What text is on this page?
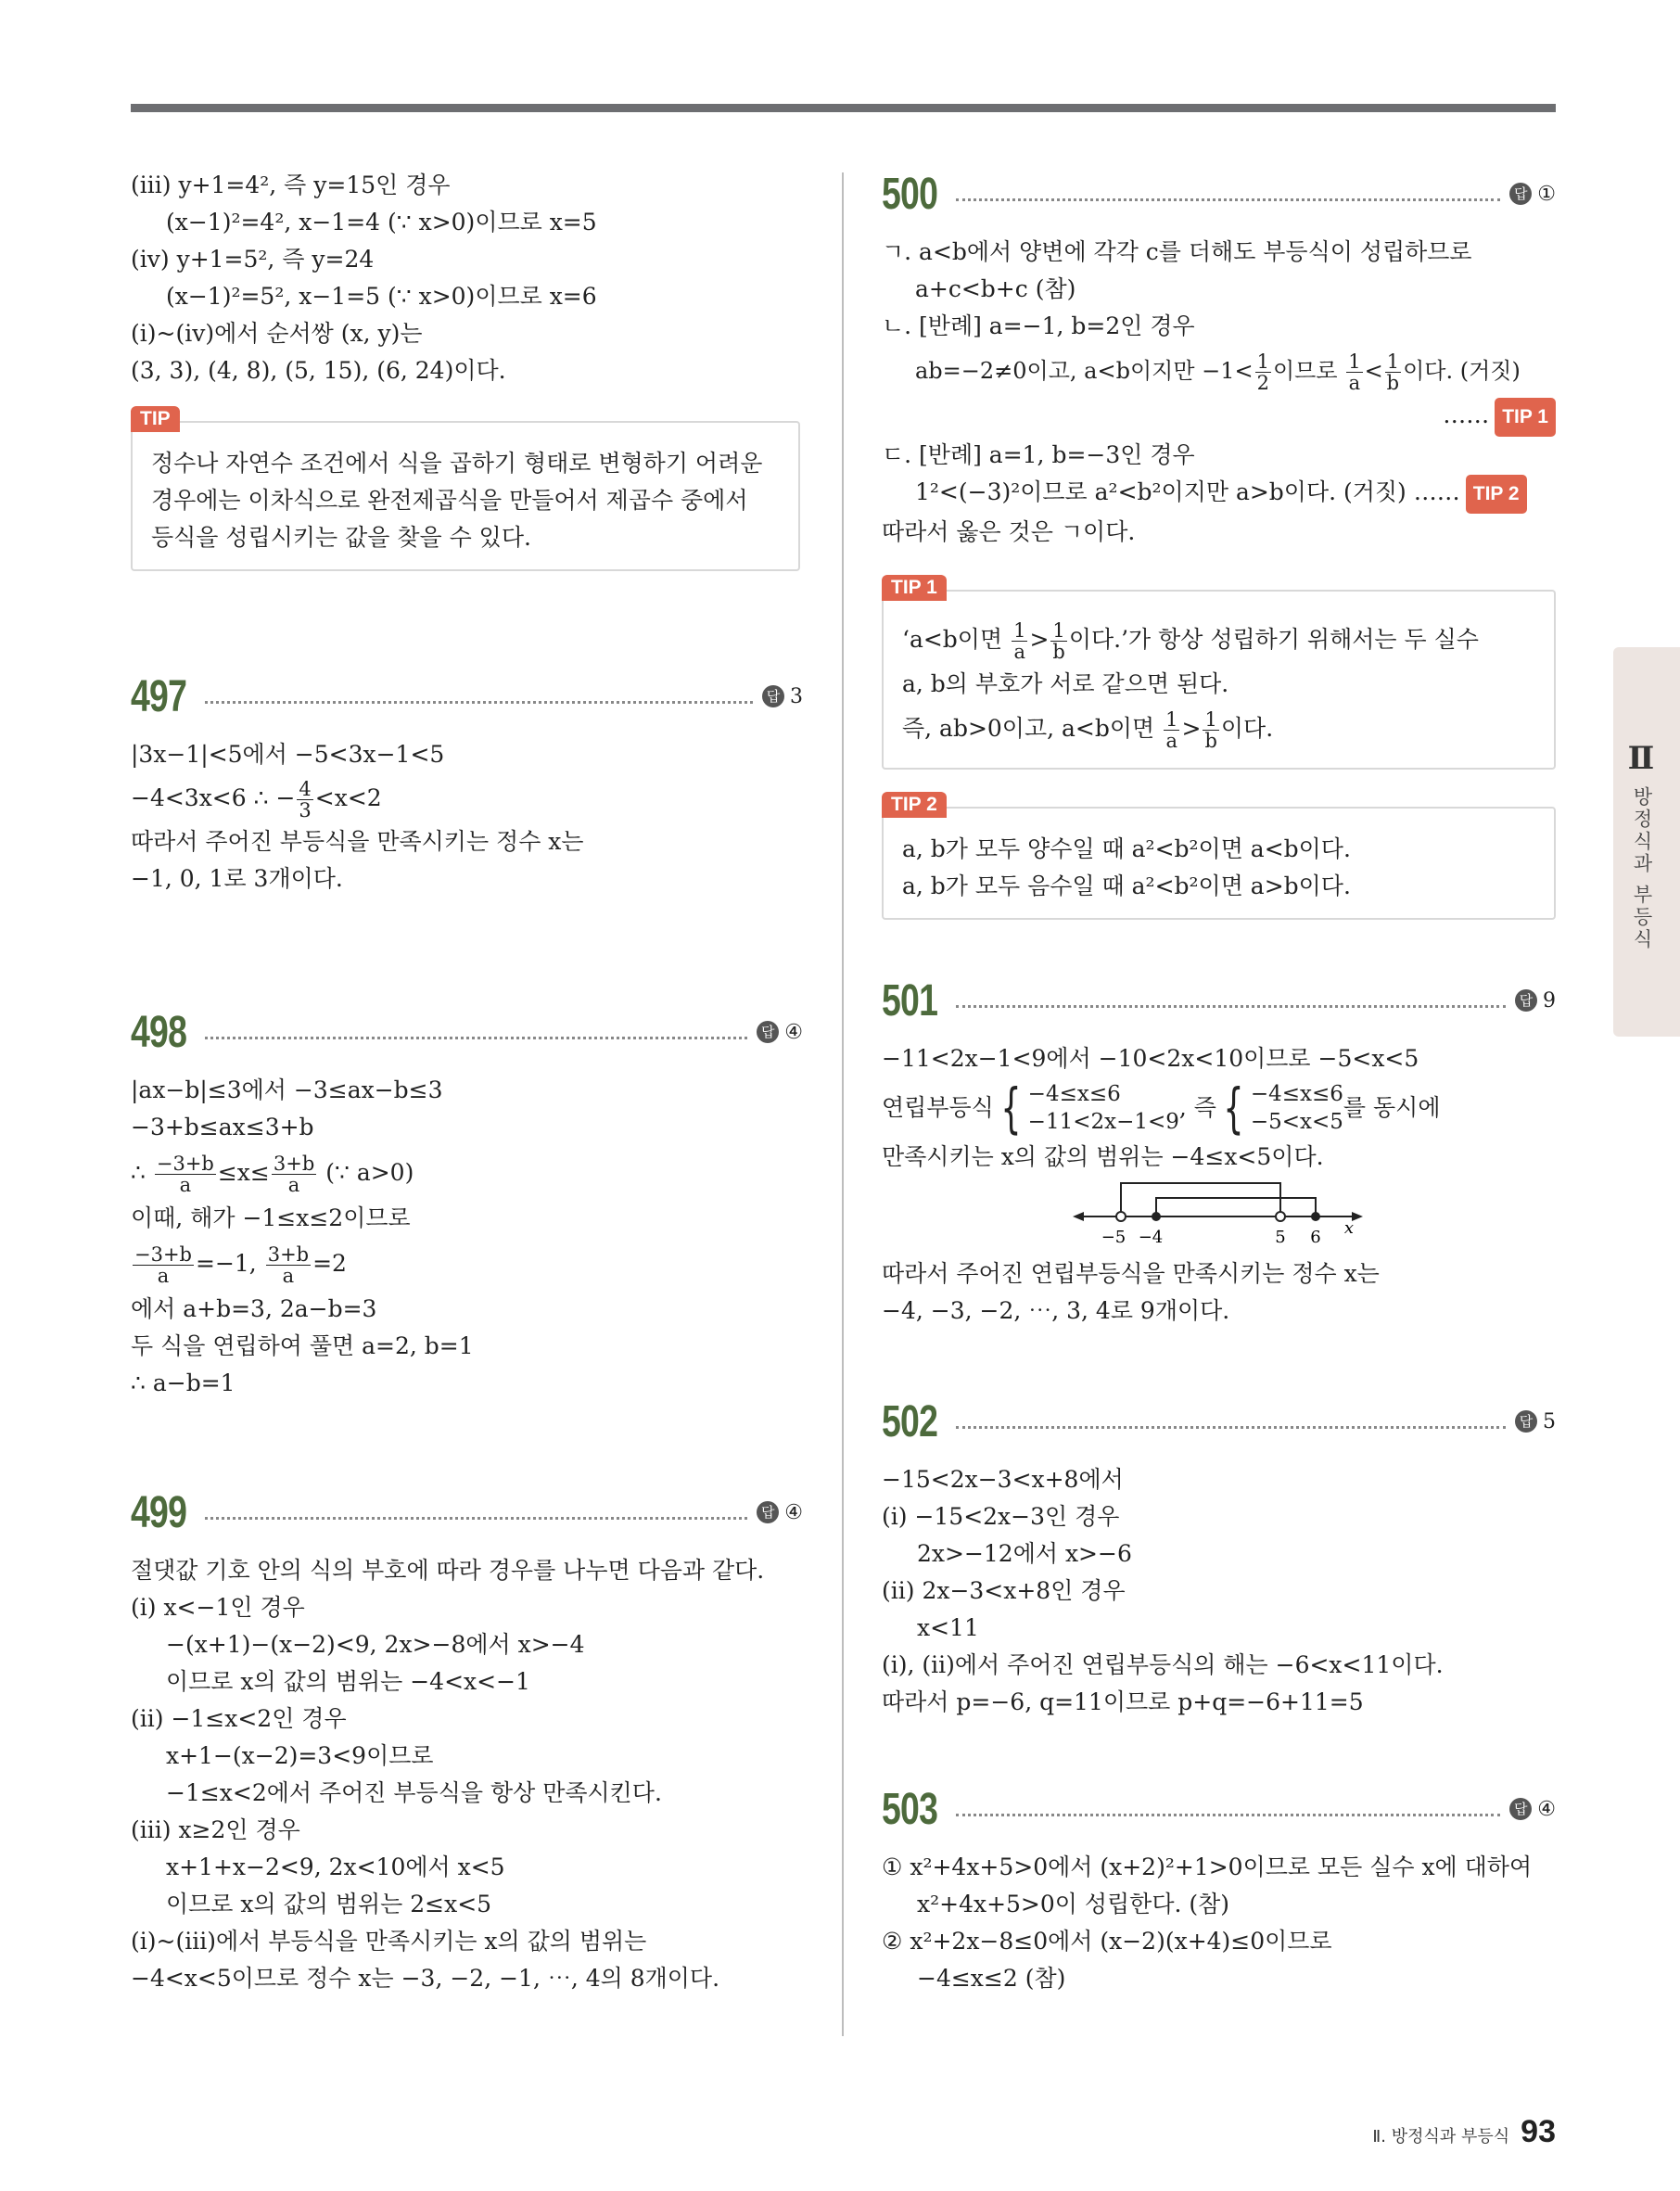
(ⅲ) y+1=4², 즉 y=15인 경우
(x−1)²=4², x−1=4 (∵ x>0)이므로 x=5
(ⅳ) y+1=5², 즉 y=24
(x−1)²=5², x−1=5 (∵ x>0)이므로 x=6
(ⅰ)~(ⅳ)에서 순서쌍 (x, y)는
(3, 3), (4, 8), (5, 15), (6, 24)이다.
TIP
정수나 자연수 조건에서 식을 곱하기 형태로 변형하기 어려운
경우에는 이차식으로 완전제곱식을 만들어서 제곱수 중에서
등식을 성립시키는 값을 찾을 수 있다.
497	답 3
|3x−1|<5에서 −5<3x−1<5
−4<3x<6 ∴ − $\frac{4}{3} <x<2$
따라서 주어진 부등식을 만족시키는 정수 x는
−1, 0, 1로 3개이다.
498	답 ④
|ax−b|≤3에서 −3≤ax−b≤3
−3+b≤ax≤3+b
∴ $\frac{-3+b}{a} \le x\le \frac{3+b}{a}$ (∵ a>0)
이때, 해가 −1≤x≤2이므로
$\frac{-3+b}{a} =-1$, $\frac{3+b}{a} =2$
에서 a+b=3, 2a−b=3
두 식을 연립하여 풀면 a=2, b=1
∴ a−b=1
499	답 ④
절댓값 기호 안의 식의 부호에 따라 경우를 나누면 다음과 같다.
(ⅰ) x<−1인 경우
−(x+1)−(x−2)<9, 2x>−8에서 x>−4
이므로 x의 값의 범위는 −4<x<−1
(ⅱ) −1≤x<2인 경우
x+1−(x−2)=3<9이므로
−1≤x<2에서 주어진 부등식을 항상 만족시킨다.
(ⅲ) x≥2인 경우
x+1+x−2<9, 2x<10에서 x<5
이므로 x의 값의 범위는 2≤x<5
(ⅰ)~(ⅲ)에서 부등식을 만족시키는 x의 값의 범위는
−4<x<5이므로 정수 x는 −3, −2, −1, ⋯, 4의 8개이다.
500	답 ①
ㄱ. a<b에서 양변에 각각 c를 더해도 부등식이 성립하므로
a+c<b+c (참)
ㄴ. [반례] a=−1, b=2인 경우
ab=−2≠0이고, a<b이지만 $-1< \frac{1}{2}$ 이므로 $\frac{1}{a} < \frac{1}{b}$ 이다. (거짓)
…… TIP 1
ㄷ. [반례] a=1, b=−3인 경우
1²<(−3)²이므로 a²<b²이지만 a>b이다. (거짓) …… TIP 2
따라서 옳은 것은 ㄱ이다.
TIP 1
‘a<b이면 $\frac{1}{a} > \frac{1}{b}$ 이다.’가 항상 성립하기 위해서는 두 실수
a, b의 부호가 서로 같으면 된다.
즉, ab>0이고, a<b이면 $\frac{1}{a} > \frac{1}{b}$ 이다.
TIP 2
a, b가 모두 양수일 때 a²<b²이면 a<b이다.
a, b가 모두 음수일 때 a²<b²이면 a>b이다.
501	답 9
−11<2x−1<9에서 −10<2x<10이므로 −5<x<5
연립부등식 { −4≤x≤6
−11<2x−1<9
, 즉 { −4≤x≤6
−5<x<5
를 동시에
만족시키는 x의 값의 범위는 −4≤x<5이다.
−5 −4	5 6 x
따라서 주어진 연립부등식을 만족시키는 정수 x는
−4, −3, −2, ⋯, 3, 4로 9개이다.
502	답 5
−15<2x−3<x+8에서
(ⅰ) −15<2x−3인 경우
2x>−12에서 x>−6
(ⅱ) 2x−3<x+8인 경우
x<11
(ⅰ), (ⅱ)에서 주어진 연립부등식의 해는 −6<x<11이다.
따라서 p=−6, q=11이므로 p+q=−6+11=5
503	답 ④
① x²+4x+5>0에서 (x+2)²+1>0이므로 모든 실수 x에 대하여
x²+4x+5>0이 성립한다. (참)
② x²+2x−8≤0에서 (x−2)(x+4)≤0이므로
−4≤x≤2 (참)
Ⅱ
방정식과 부등식
Ⅱ. 방정식과 부등식 93
